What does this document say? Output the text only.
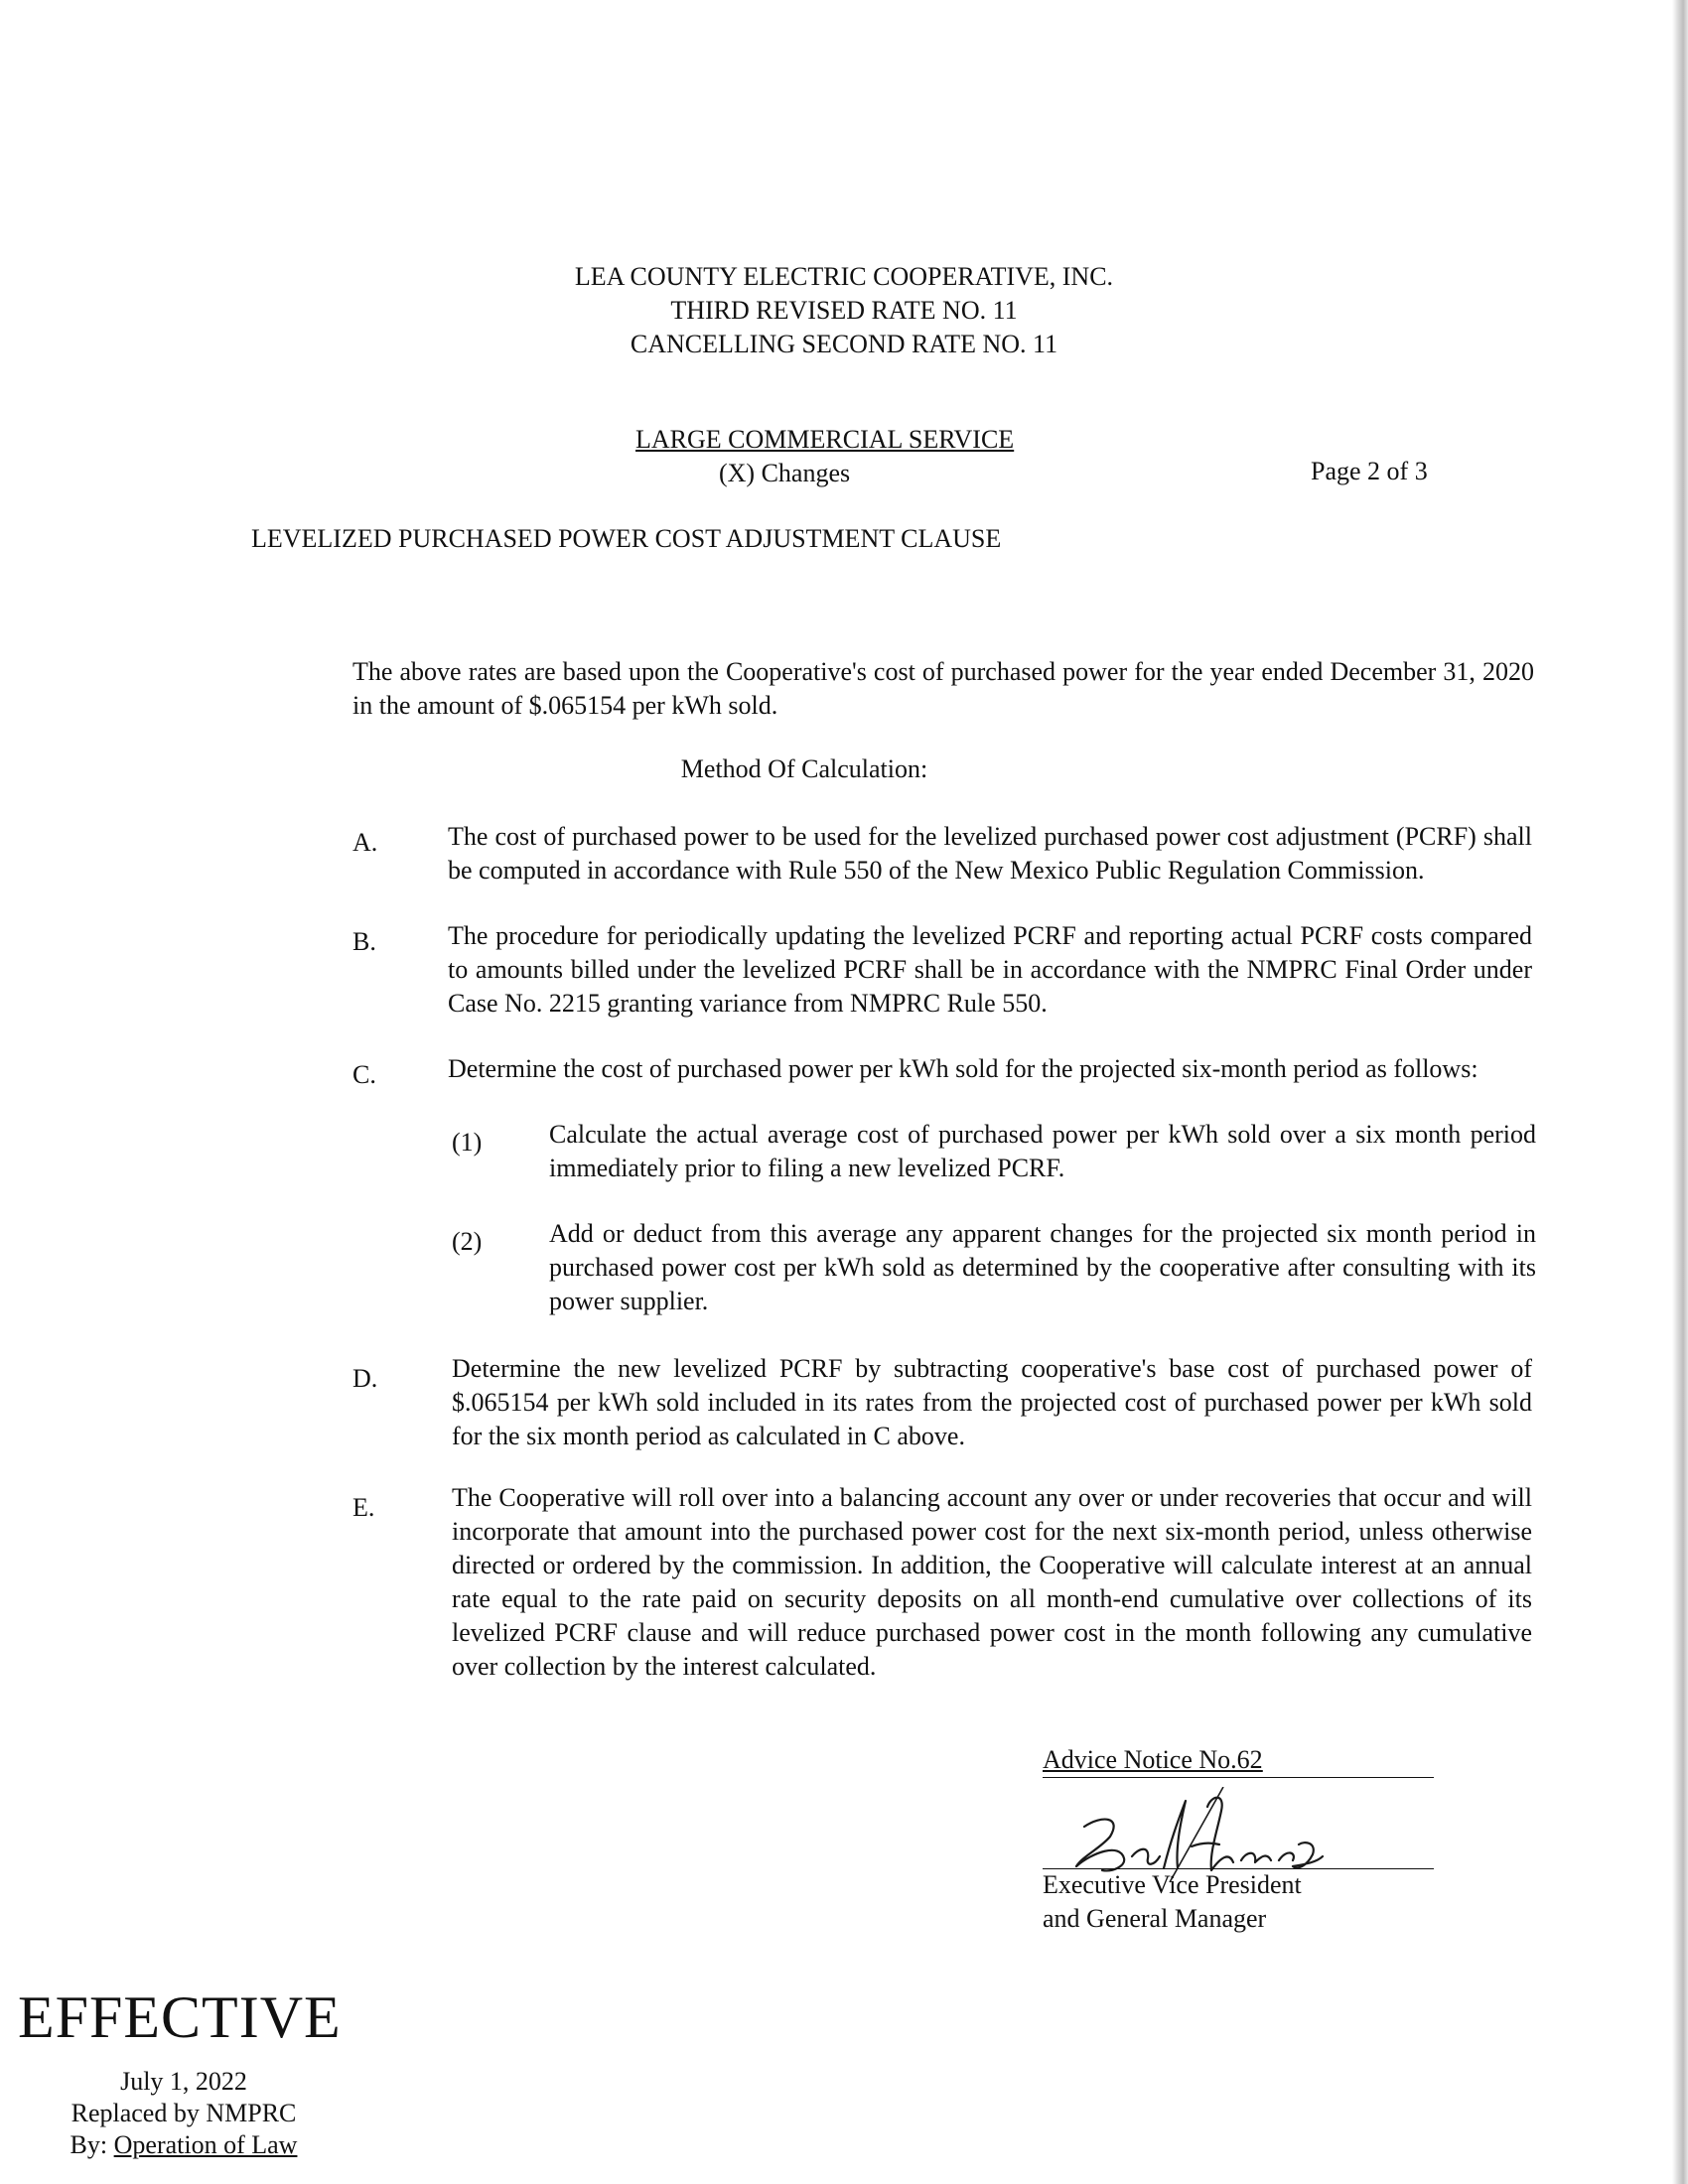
LEA COUNTY ELECTRIC COOPERATIVE, INC.
THIRD REVISED RATE NO. 11
CANCELLING SECOND RATE NO. 11
LARGE COMMERCIAL SERVICE
(X) Changes	Page 2 of 3
LEVELIZED PURCHASED POWER COST ADJUSTMENT CLAUSE
The above rates are based upon the Cooperative's cost of purchased power for the year ended December 31, 2020 in the amount of $.065154 per kWh sold.
Method Of Calculation:
A.	The cost of purchased power to be used for the levelized purchased power cost adjustment (PCRF) shall be computed in accordance with Rule 550 of the New Mexico Public Regulation Commission.
B.	The procedure for periodically updating the levelized PCRF and reporting actual PCRF costs compared to amounts billed under the levelized PCRF shall be in accordance with the NMPRC Final Order under Case No. 2215 granting variance from NMPRC Rule 550.
C.	Determine the cost of purchased power per kWh sold for the projected six-month period as follows:
(1)	Calculate the actual average cost of purchased power per kWh sold over a six month period immediately prior to filing a new levelized PCRF.
(2)	Add or deduct from this average any apparent changes for the projected six month period in purchased power cost per kWh sold as determined by the cooperative after consulting with its power supplier.
D.	Determine the new levelized PCRF by subtracting cooperative's base cost of purchased power of $.065154 per kWh sold included in its rates from the projected cost of purchased power per kWh sold for the six month period as calculated in C above.
E.	The Cooperative will roll over into a balancing account any over or under recoveries that occur and will incorporate that amount into the purchased power cost for the next six-month period, unless otherwise directed or ordered by the commission. In addition, the Cooperative will calculate interest at an annual rate equal to the rate paid on security deposits on all month-end cumulative over collections of its levelized PCRF clause and will reduce purchased power cost in the month following any cumulative over collection by the interest calculated.
Advice Notice No.62
Executive Vice President
and General Manager
EFFECTIVE
July 1, 2022
Replaced by NMPRC
By: Operation of Law
